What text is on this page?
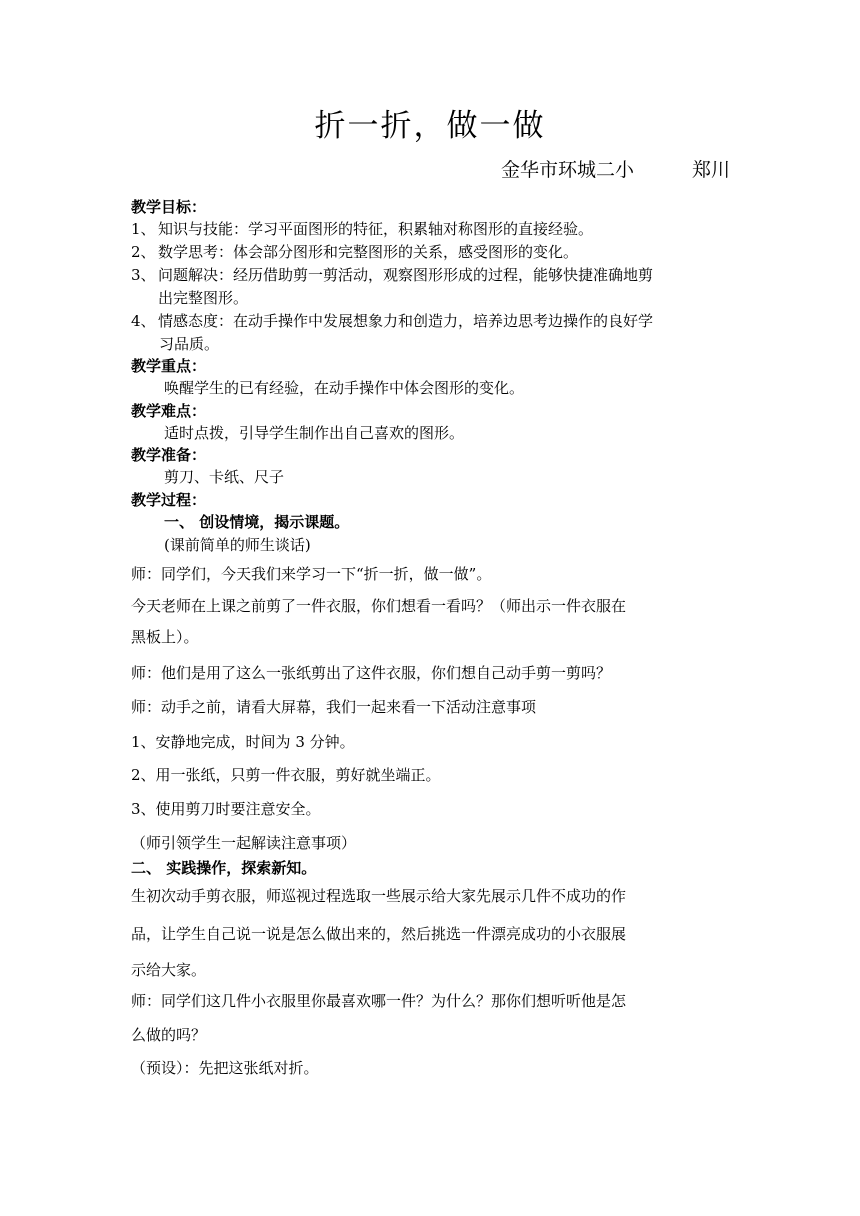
折一折，做一做
金华市环城二小	郑川
教学目标：
1、 知识与技能：学习平面图形的特征，积累轴对称图形的直接经验。
2、 数学思考：体会部分图形和完整图形的关系，感受图形的变化。
3、 问题解决：经历借助剪一剪活动，观察图形形成的过程，能够快捷准确地剪
出完整图形。
4、 情感态度：在动手操作中发展想象力和创造力，培养边思考边操作的良好学
习品质。
教学重点：
唤醒学生的已有经验，在动手操作中体会图形的变化。
教学难点：
适时点拨，引导学生制作出自己喜欢的图形。
教学准备：
剪刀、卡纸、尺子
教学过程：
一、 创设情境，揭示课题。
(课前简单的师生谈话)
师：同学们，今天我们来学习一下“折一折，做一做”。
今天老师在上课之前剪了一件衣服，你们想看一看吗？（师出示一件衣服在
黑板上）。
师：他们是用了这么一张纸剪出了这件衣服，你们想自己动手剪一剪吗？
师：动手之前，请看大屏幕，我们一起来看一下活动注意事项
1、安静地完成，时间为 3 分钟。
2、用一张纸，只剪一件衣服，剪好就坐端正。
3、使用剪刀时要注意安全。
（师引领学生一起解读注意事项）
二、 实践操作，探索新知。
生初次动手剪衣服，师巡视过程选取一些展示给大家先展示几件不成功的作
品，让学生自己说一说是怎么做出来的，然后挑选一件漂亮成功的小衣服展
示给大家。
师：同学们这几件小衣服里你最喜欢哪一件？为什么？那你们想听听他是怎
么做的吗？
（预设）：先把这张纸对折。
